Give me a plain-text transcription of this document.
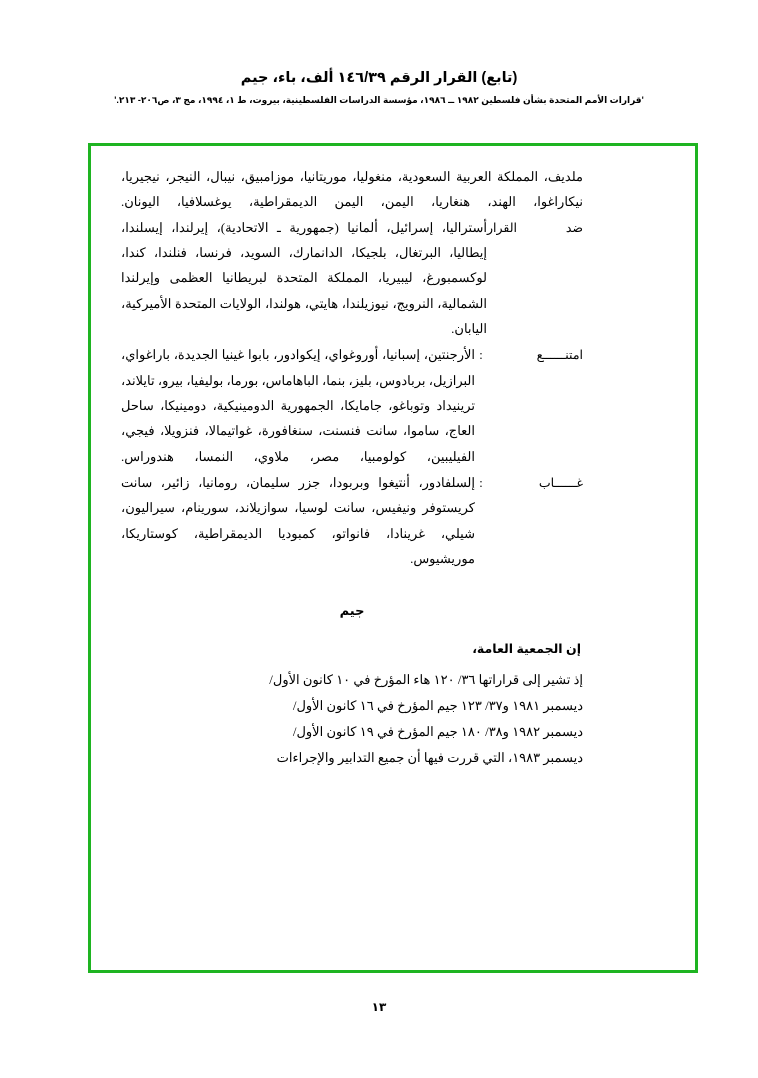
(تابع) القرار الرقم ١٤٦/٣٩ ألف، باء، جيم
'قرارات الأمم المتحدة بشأن فلسطين ١٩٨٢ ــ ١٩٨٦، مؤسسة الدراسات الفلسطينية، بيروت، ط ١، ١٩٩٤، مج ٣، ص٢٠٦- ٢١٣.'
ملديف، المملكة العربية السعودية، منغوليا، موريتانيا، موزامبيق، نيبال، النيجر، نيجيريا، نيكاراغوا، الهند، هنغاريا، اليمن، اليمن الديمقراطية، يوغسلافيا، اليونان.
ضد القرار
أستراليا، إسرائيل، ألمانيا (جمهورية ـ الاتحادية)، إيرلندا، إيسلندا، إيطاليا، البرتغال، بلجيكا، الدانمارك، السويد، فرنسا، فنلندا، كندا، لوكسمبورغ، ليبيريا، المملكة المتحدة لبريطانيا العظمى وإيرلندا الشمالية، النرويج، نيوزيلندا، هايتي، هولندا، الولايات المتحدة الأميركية، اليابان.
امتنــــــع
:
الأرجنتين، إسبانيا، أوروغواي، إيكوادور، بابوا غينيا الجديدة، باراغواي، البرازيل، بربادوس، بليز، بنما، الباهاماس، بورما، بوليفيا، بيرو، تايلاند، ترينيداد وتوباغو، جامايكا، الجمهورية الدومينيكية، دومينيكا، ساحل العاج، ساموا، سانت فنسنت، سنغافورة، غواتيمالا، فنزويلا، فيجي، الفيليبين، كولومبيا، مصر، ملاوي، النمسا، هندوراس.
غــــــاب
:
إلسلفادور، أنتيغوا وبربودا، جزر سليمان، رومانيا، زائير، سانت كريستوفر ونيفيس، سانت لوسيا، سوازيلاند، سورينام، سيراليون، شيلي، غرينادا، فانواتو، كمبوديا الديمقراطية، كوستاريكا، موريشيوس.
جيم
إن الجمعية العامة،
إذ تشير إلى قراراتها ٣٦/ ١٢٠ هاء المؤرخ في ١٠ كانون الأول/
ديسمبر ١٩٨١ و٣٧/ ١٢٣ جيم المؤرخ في ١٦ كانون الأول/
ديسمبر ١٩٨٢ و٣٨/ ١٨٠ جيم المؤرخ في ١٩ كانون الأول/
ديسمبر ١٩٨٣، التي قررت فيها أن جميع التدابير والإجراءات
١٣
